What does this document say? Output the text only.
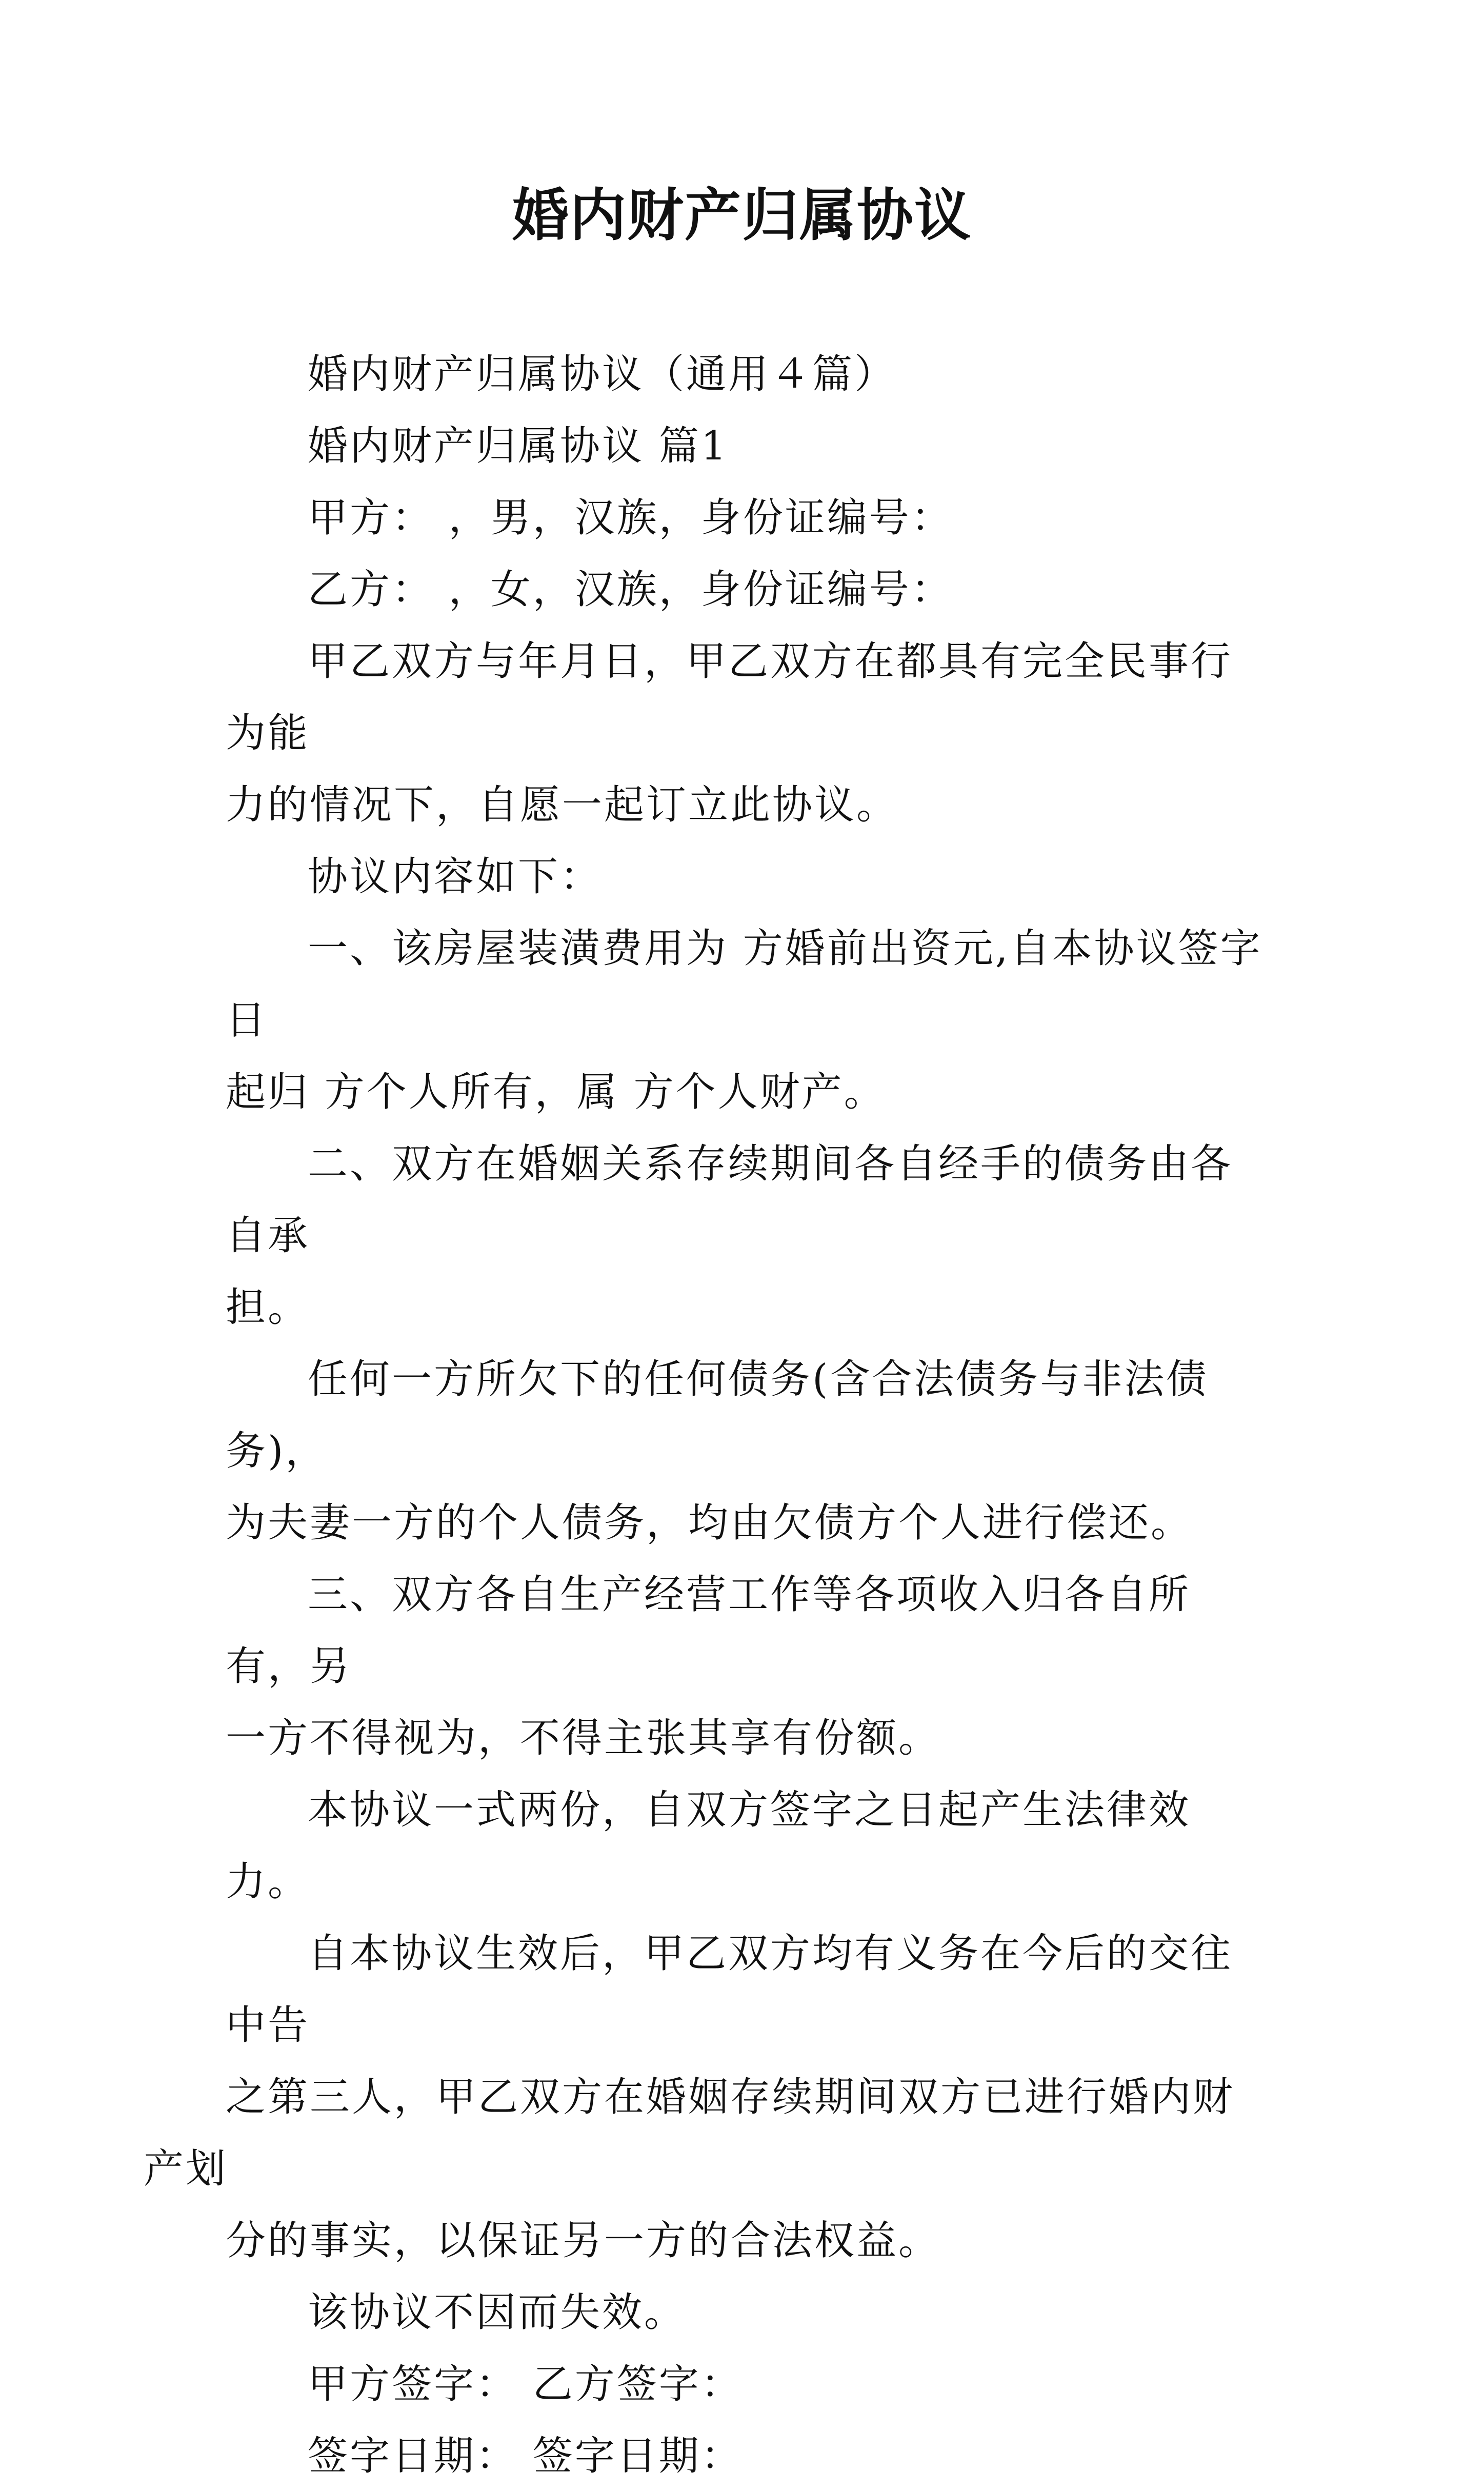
婚内财产归属协议

婚内财产归属协议（通用４篇）

婚内财产归属协议 篇1

甲方： ，男，汉族，身份证编号：

乙方： ，女，汉族，身份证编号：

甲乙双方与年月日，甲乙双方在都具有完全民事行为能
力的情况下，自愿一起订立此协议。

协议内容如下：

一、该房屋装潢费用为 方婚前出资元,自本协议签字日
起归 方个人所有，属 方个人财产。

二、双方在婚姻关系存续期间各自经手的债务由各自承
担。

任何一方所欠下的任何债务(含合法债务与非法债务)，
为夫妻一方的个人债务，均由欠债方个人进行偿还。

三、双方各自生产经营工作等各项收入归各自所有，另
一方不得视为，不得主张其享有份额。

本协议一式两份，自双方签字之日起产生法律效力。

自本协议生效后，甲乙双方均有义务在今后的交往中告
之第三人，甲乙双方在婚姻存续期间双方已进行婚内财产划
分的事实，以保证另一方的合法权益。

该协议不因而失效。

甲方签字： 乙方签字：

签字日期： 签字日期：
